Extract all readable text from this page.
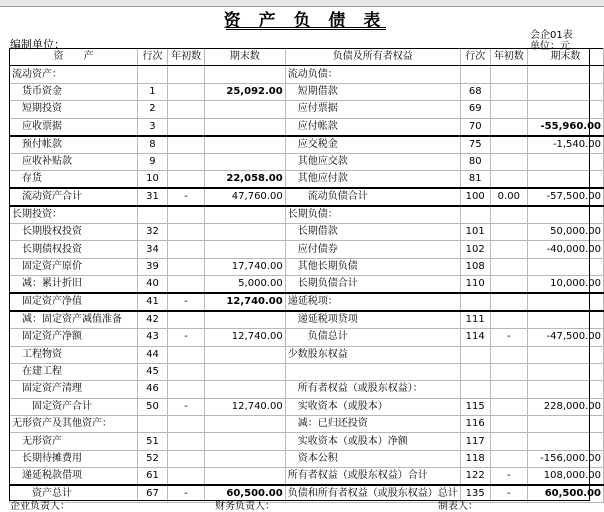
资 产 负 债 表
会企01表
单位：元
编制单位：
资　　产	行次	年初数	期末数	负债及所有者权益	行次	年初数	期末数
流动资产：				流动负债：			
货币资金	1		25,092.00	短期借款	68		
短期投资	2			应付票据	69		
应收票据	3			应付帐款	70		-55,960.00
预付帐款	8			应交税金	75		-1,540.00
应收补贴款	9			其他应交款	80		
存货	10		22,058.00	其他应付款	81		
流动资产合计	31	-	47,760.00	流动负债合计	100	0.00	-57,500.00
长期投资：				长期负债：			
长期股权投资	32			长期借款	101		50,000.00
长期债权投资	34			应付债券	102		-40,000.00
固定资产原价	39		17,740.00	其他长期负债	108		
减：累计折旧	40		5,000.00	长期负债合计	110		10,000.00
固定资产净值	41	-	12,740.00	递延税项：			
减：固定资产减值准备	42			递延税项贷项	111		
固定资产净额	43	-	12,740.00	负债总计	114	-	-47,500.00
工程物资	44			少数股东权益			
在建工程	45						
固定资产清理	46			所有者权益（或股东权益）：			
固定资产合计	50	-	12,740.00	实收资本（或股本）	115		228,000.00
无形资产及其他资产：				减：已归还投资	116		
无形资产	51			实收资本（或股本）净额	117		
长期待摊费用	52			资本公积	118		-156,000.00
递延税款借项	61			所有者权益（或股东权益）合计	122	-	108,000.00
资产总计	67	-	60,500.00	负债和所有者权益（或股东权益）总计	135	-	60,500.00
企业负责人：	财务负责人：	制表人：
